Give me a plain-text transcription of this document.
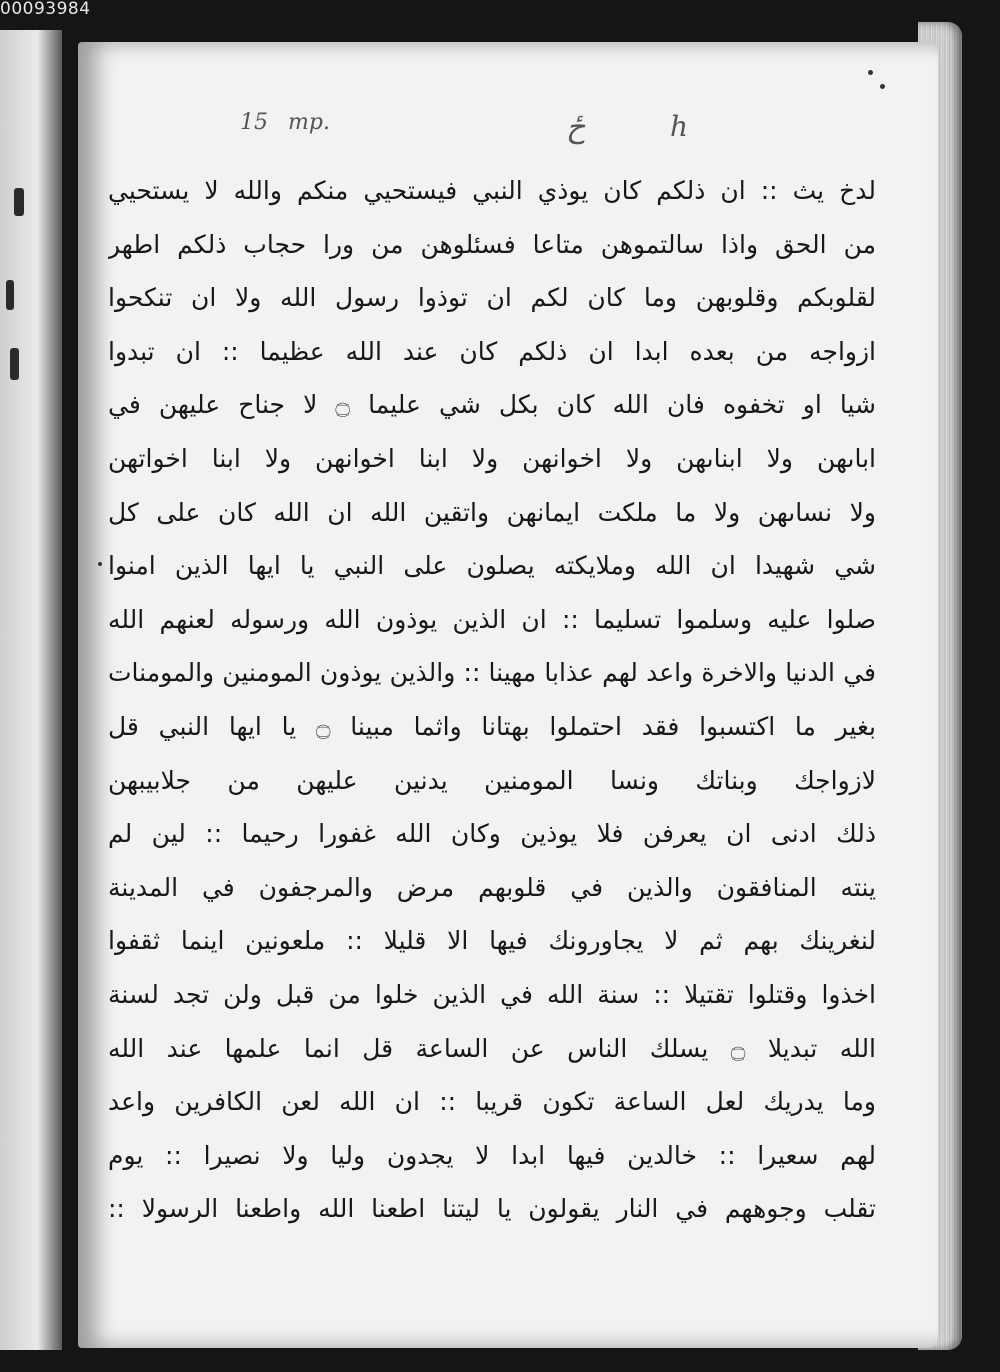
00093984
15 mp.	ځ	h
لدخ يث :: ان ذلكم كان يوذي النبي فيستحيي منكم والله لا يستحيي
من الحق واذا سالتموهن متاعا فسئلوهن من ورا حجاب ذلكم اطهر
لقلوبكم وقلوبهن وما كان لكم ان توذوا رسول الله ولا ان تنكحوا
ازواجه من بعده ابدا ان ذلكم كان عند الله عظيما :: ان تبدوا
شيا او تخفوه فان الله كان بكل شي عليما ۝ لا جناح عليهن في
اباىهن ولا ابناىهن ولا اخوانهن ولا ابنا اخوانهن ولا ابنا اخواتهن
ولا نساىهن ولا ما ملكت ايمانهن واتقين الله ان الله كان على كل
شي شهيدا ان الله وملايكته يصلون على النبي يا ايها الذين امنوا
صلوا عليه وسلموا تسليما :: ان الذين يوذون الله ورسوله لعنهم الله
في الدنيا والاخرة واعد لهم عذابا مهينا :: والذين يوذون المومنين والمومنات
بغير ما اكتسبوا فقد احتملوا بهتانا واثما مبينا ۝ يا ايها النبي قل
لازواجك وبناتك ونسا المومنين يدنين عليهن من جلابيبهن
ذلك ادنى ان يعرفن فلا يوذين وكان الله غفورا رحيما :: لين لم
ينته المنافقون والذين في قلوبهم مرض والمرجفون في المدينة
لنغرينك بهم ثم لا يجاورونك فيها الا قليلا :: ملعونين اينما ثقفوا
اخذوا وقتلوا تقتيلا :: سنة الله في الذين خلوا من قبل ولن تجد لسنة
الله تبديلا ۝ يسلك الناس عن الساعة قل انما علمها عند الله
وما يدريك لعل الساعة تكون قريبا :: ان الله لعن الكافرين واعد
لهم سعيرا :: خالدين فيها ابدا لا يجدون وليا ولا نصيرا :: يوم
تقلب وجوههم في النار يقولون يا ليتنا اطعنا الله واطعنا الرسولا ::
